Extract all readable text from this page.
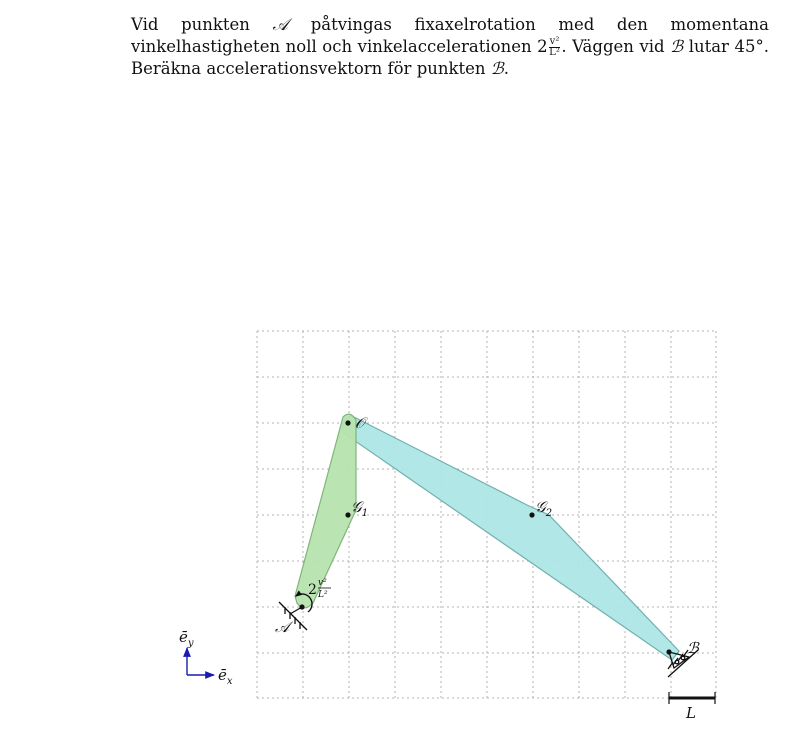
Vid punkten 𝒜 påtvingas fixaxelrotation med den momentana vinkelhastigheten noll och vinkelaccelerationen $2 \frac{\text{v²}}{\text{L²}}$ . Väggen vid ℬ lutar 45°. Beräkna accelerationsvektorn för punkten ℬ.
𝒪
𝒢$_1$	𝒢$_2$
𝒜
2 v²
L²
ℬ
L
$ē_x$
$ē_y$
